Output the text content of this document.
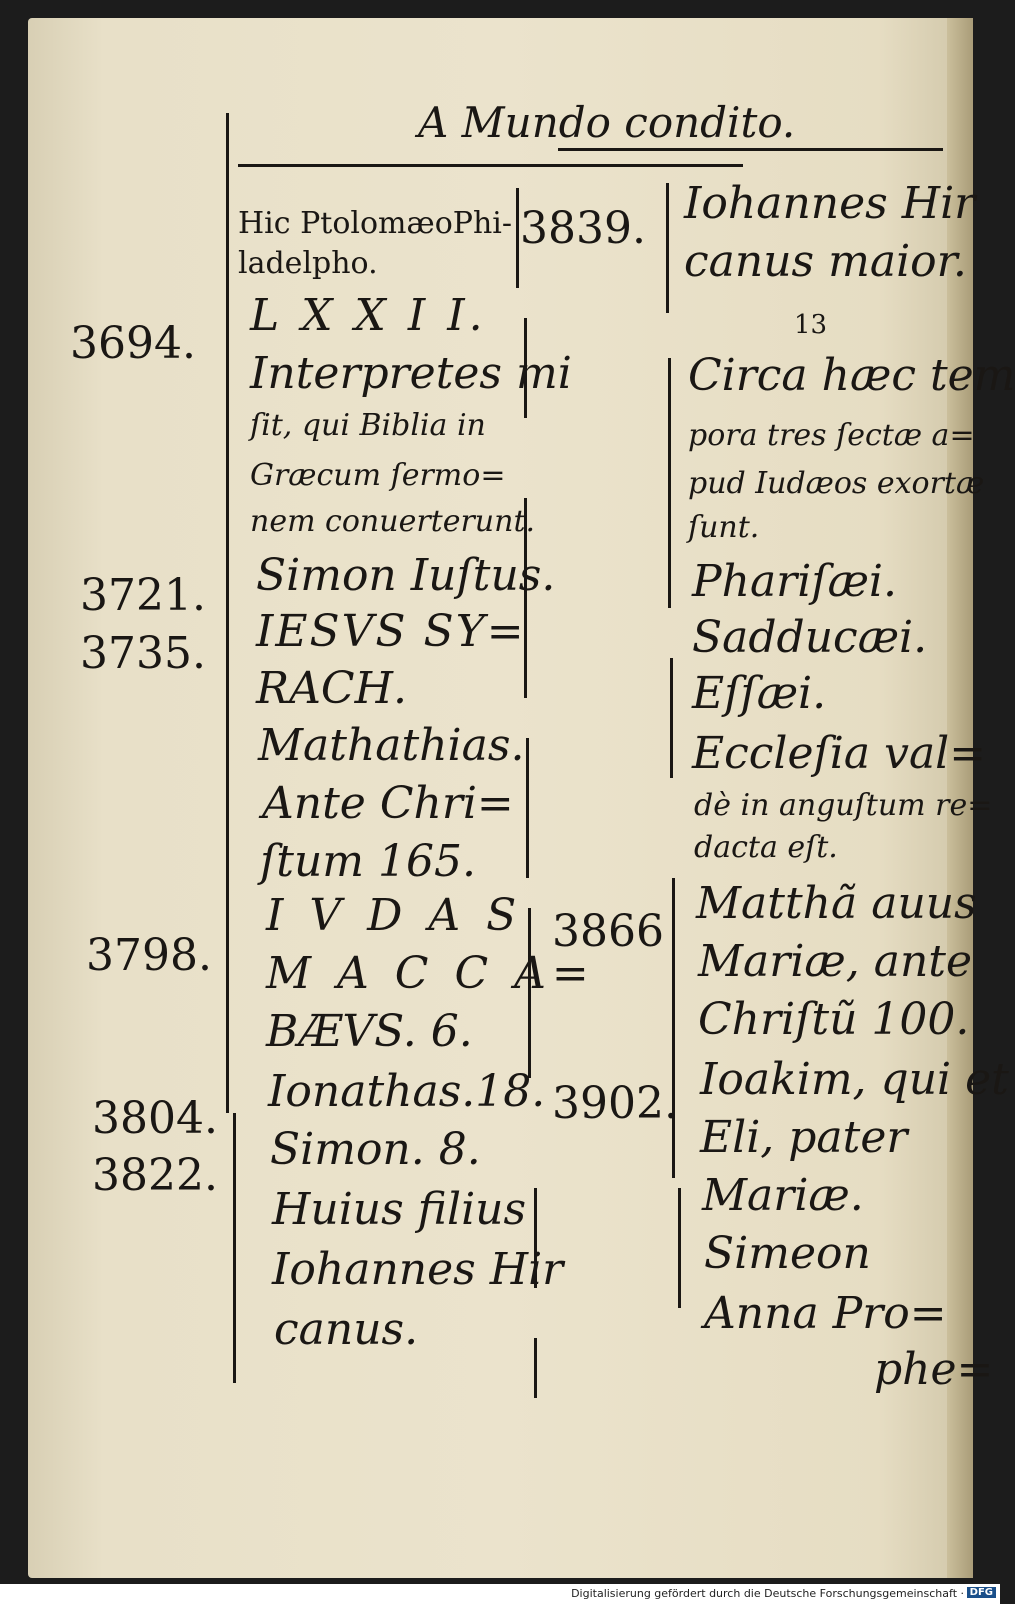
A Mundo condito.
3694.
3721.
3735.
3798.
3804.
3822.
3839.
3866
3902.
Hic PtolomæoPhi-
ladelpho.
L X X I I.
Interpretes mi
ſit, qui Biblia in
Græcum ſermo=
nem conuerterunt.
Simon Iuſtus.
IESVS SY=
RACH.
Mathathias.
Ante Chri=
ſtum 165.
I V D A S
M A C C A=
BÆVS. 6.
Ionathas.18.
Simon. 8.
Huius filius
Iohannes Hir
canus.
Iohannes Hir
canus maior.
13
Circa hæc tem
pora tres ſectæ a=
pud Iudæos exortæ
ſunt.
Phariſæi.
Sadducæi.
Eſſæi.
Eccleſia val=
dè in anguſtum re=
dacta eſt.
Matthã auus
Mariæ, ante
Chriſtũ 100.
Ioakim, qui et
Eli, pater
Mariæ.
Simeon
Anna Pro=
phe=
Digitalisierung gefördert durch die Deutsche Forschungsgemeinschaft · DFG
